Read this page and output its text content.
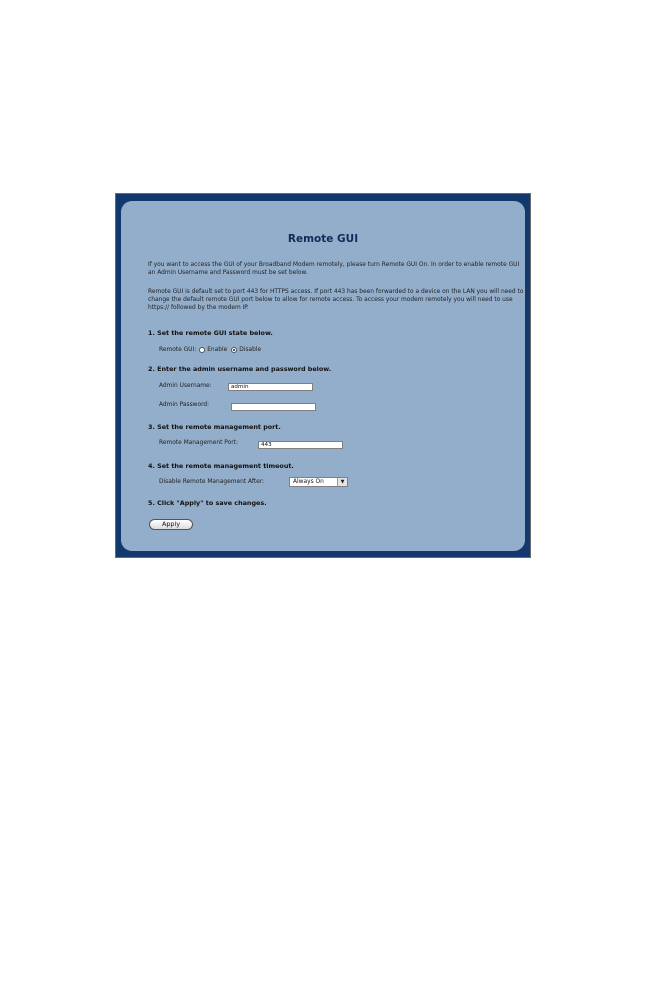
Remote GUI

If you want to access the GUI of your Broadband Modem remotely, please turn Remote GUI On. In order to enable remote GUI an Admin Username and Password must be set below.

Remote GUI is default set to port 443 for HTTPS access. If port 443 has been forwarded to a device on the LAN you will need to change the default remote GUI port below to allow for remote access. To access your modem remotely you will need to use https:// followed by the modem IP.

1. Set the remote GUI state below.
Remote GUI: Enable Disable
2. Enter the admin username and password below.
Admin Username:
admin
Admin Password:
3. Set the remote management port.
Remote Management Port:
443
4. Set the remote management timeout.
Disable Remote Management After:	Always On	▼
5. Click "Apply" to save changes.
Apply
